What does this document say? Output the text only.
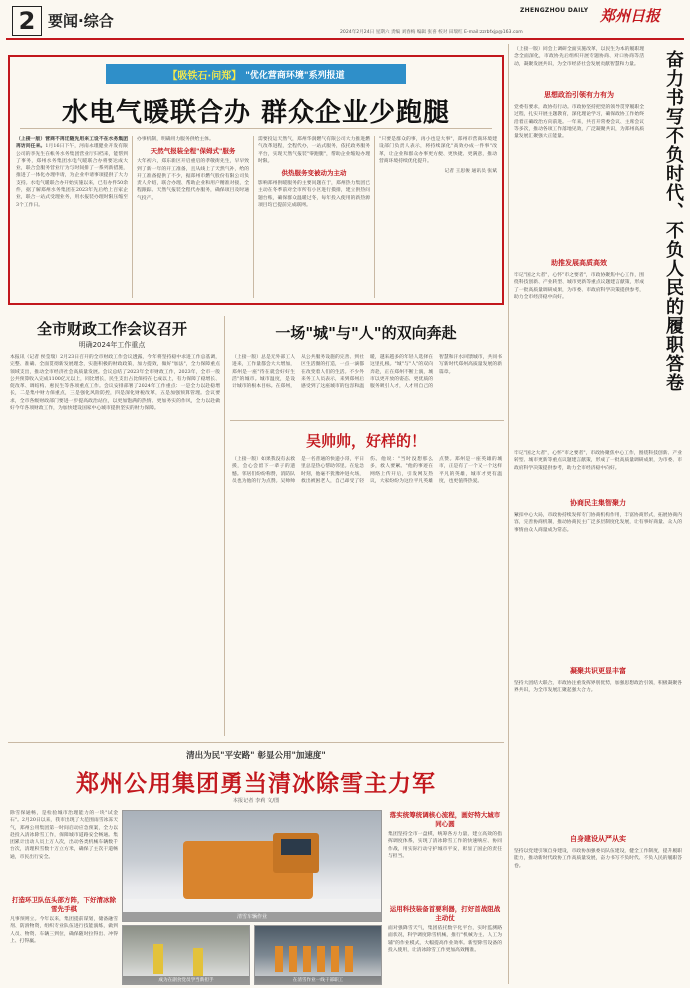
2 要闻·综合
ZHENGZHOU DAILY 郑州日报
2024年2月24日 星期六 责编 刘春梅 编辑 张喜 校对 田瑞红 E-mail:zzrbfxjp@163.com
【吸铁石·问郑】 "优化营商环境"系列报道
水电气暖联合办 群众企业少跑腿
（上接一版）营商不再迁随先用来工设不在水务集团再访问任来。1月16日下午，河南永瑾健业开发有限公司的李先生在帐务水务集团营业厅归档来，能帮到了事务，郑州水务集团水电气暖联合办将要达成大业，联合会服务营业厅为与时间排了一系列新措施，推进了一体化办理申请，为企业申请事项提供了大力支持。水电气暖联合办开始实施以来，已有办件50余件，据了解郑州水务集团在2023年先后给上百家企业，联合一站式受理业务，用水报装办理时限压缩至3个工作日。
办事机制，明确用力服务供给主体。
天然气报装全程"保姆式"服务
大年初六，郑东新区开启重启的孝敬街先生，早早致到了新一年的开工准备，且从线上了天然气补，给的开工准备提供了不少，据郑州市燃气股份有限公司负责人介绍，联合办理、帮助企业和用户精准对接，全程跟踪、天然气报装全程代办服务，确保项目及时通气投产。
需要投运天然气，郑州华润燃气有限公司大力推进燃气改革进程，全程代办，一站式服务，依托政务服务平台，实现天然气报装"零跑腿"，帮助企业缩短办理时限。
供热服务变被动为主动
影响郑州供暖服务的主要问题在于，郑州热力集团已主动在冬季前对全市所有小区进行摸排，建立供热问题台账，确保群众温暖过冬，每年投入使用的新热源项目均已提前完成联网。
"只要是群众的事，再小也是大事"，郑州市营商环境建设部门负责人表示，将持续深化"高效办成一件事"改革，让企业和群众办事更方便、更快捷、更满意，推动营商环境持续优化提升。
记者 王思俊 通讯员 张斌
全市财政工作会议召开
明确2024年工作重点
本报讯（记者 侯莹瑞）2月23日召开的全市财政工作会议透露，今年将坚持稳中求进工作总基调，完整、准确、全面贯彻新发展理念，实施积极的财政政策，加力提效，做好"加法"，全力保障重点领域支出，推动全市经济社会高质量发展。会议总结了2023年全市财政工作，2023年，全市一般公共预算收入完成1100亿元以上，同比增长，民生支出占比保持在七成以上，有力保障了稳增长、促改革、调结构、惠民生等各项重点工作。会议安排部署了2024年工作重点：一是全力以赴稳增长，二是集中财力保重点，三是强化风险防控，四是深化财税改革，五是加强预算管理。会议要求，全市各级财政部门要进一步提高政治站位，以更加饱满的热情、更加务实的作风，全力以赴做好今年各项财政工作，为加快建设国家中心城市提供坚实的财力保障。
一场"城"与"人"的双向奔赴
（上接一版）总是无外部工人进来，工作量都会大大增加，郑州是一座"待在就会好好生活"的城市。城市温度，是设计城市的根本目标。在郑州，从公共服务设施的完善、到社区生活圈的打造，一点一滴都在改变着人们的生活。不少外来务工人员表示，来到郑州后感受到了这座城市的包容和温暖，越来越多的年轻人选择在这里扎根。"城"与"人"的双向奔赴，正在郑州不断上演，城市以更开放的姿态、更优质的服务吸引人才，人才用自己的智慧和汗水回馈城市，共同书写新时代郑州高质量发展的新篇章。
吴帅帅，好样的！
（上接一版）如果我没有去救援，会心会留下一辈子的遗憾。邻居们纷纷称赞，消防队员也为他的行为点赞。吴帅帅是一名普通的快递小哥，平日里总是热心帮助邻里。在危急时刻，他毫不犹豫冲进火场，救出被困老人，自己却受了轻伤。他说："当时没想那么多，救人要紧。"他的事迹在网络上传开后，引发网友热议，大家纷纷为这位平凡英雄点赞。郑州是一座英雄的城市，正是有了一个又一个这样平凡的英雄，城市才更有温度，也更值得热爱。
清出为民"平安路" 彰显公用"加速度"
郑州公用集团勇当清冰除雪主力军
本报记者 李莉 文/图
除雪保通畅，是检验城市治理能力的一块"试金石"。2月20日以来，我市出现了大范围雨雪冰冻天气，郑州公用集团第一时间启动应急预案，全力以赴投入清冰除雪工作，保障城市道路安全畅通。集团累计出动人员上万人次，出动各类机械车辆数千台次，清理积雪数十万立方米，确保了主次干道畅通，市民出行安全。
打造环卫队伍头部方阵，下好清冰除雪先手棋
凡事预则立。今年以来，集团提前谋划，储备融雪剂、防滑物资，组织专业队伍进行技能演练，做到人员、物资、车辆三到位，确保随时拉得出、冲得上、打得赢。
清雪车辆作业
成为在副食党员学当新担手	在清雪作业一线干部职工
落实统筹统调核心流程，画好特大城市同心圆
集团坚持全市一盘棋，统筹各方力量，建立高效的指挥调度体系，实现了清冰除雪工作的快速响应、协同作战，用实际行动守护城市平安，彰显了国企的责任与担当。
运用科技装备首要利器，打好首战阻战主动仗
面对强降雪天气，集团依托数字化平台，实时监测路面状况，科学调度除雪机械，推行"机械为主、人工为辅"的作业模式，大幅提高作业效率。新型除雪设备的投入使用，让清冰除雪工作更加高效精准。
奋力书写不负时代、不负人民的履职答卷
（上接一版）同会上调研全面实施改革，以民生为本的履职理念全面深化，市政协先后组织开展专题协商、对口协商等活动，凝聚发展共识，为全市经济社会发展贡献智慧和力量。
思想政治引领有力有为
党委有要求，政协有行动。市政协坚持把党的领导贯穿履职全过程，扎实开展主题教育，深化理论学习，确保政协工作始终沿着正确政治方向前进。一年来，共召开常委会议、主席会议等多次，推动各项工作落地见效，广泛凝聚共识，为郑州高质量发展汇聚强大正能量。
助推发展高质高效
牢记"国之大者"，心怀"市之要者"，市政协聚焦中心工作，围绕科技创新、产业转型、城市更新等重点议题建言献策，形成了一批高质量调研成果，为市委、市政府科学决策提供参考，助力全市经济稳中向好。
牢记"国之大者"，心怀"市之要者"，市政协聚焦中心工作，围绕科技创新、产业转型、城市更新等重点议题建言献策，形成了一批高质量调研成果，为市委、市政府科学决策提供参考，助力全市经济稳中向好。
协商民主集智聚力
紧扣中心大局，市政协持续发挥专门协商机构作用，丰富协商形式，拓展协商内容，完善协商机制，推动协商民主广泛多层制度化发展，让有事好商量、众人的事情由众人商量成为常态。
凝聚共识更显丰富
坚持大团结大联合，市政协注重发挥界别优势，加强思想政治引领，积极凝聚各界共识，为全市发展汇聚起强大合力。
自身建设从严从实
坚持以党建引领自身建设，市政协加强委员队伍建设，健全工作制度，提升履职能力，推动新时代政协工作高质量发展，奋力书写不负时代、不负人民的履职答卷。
